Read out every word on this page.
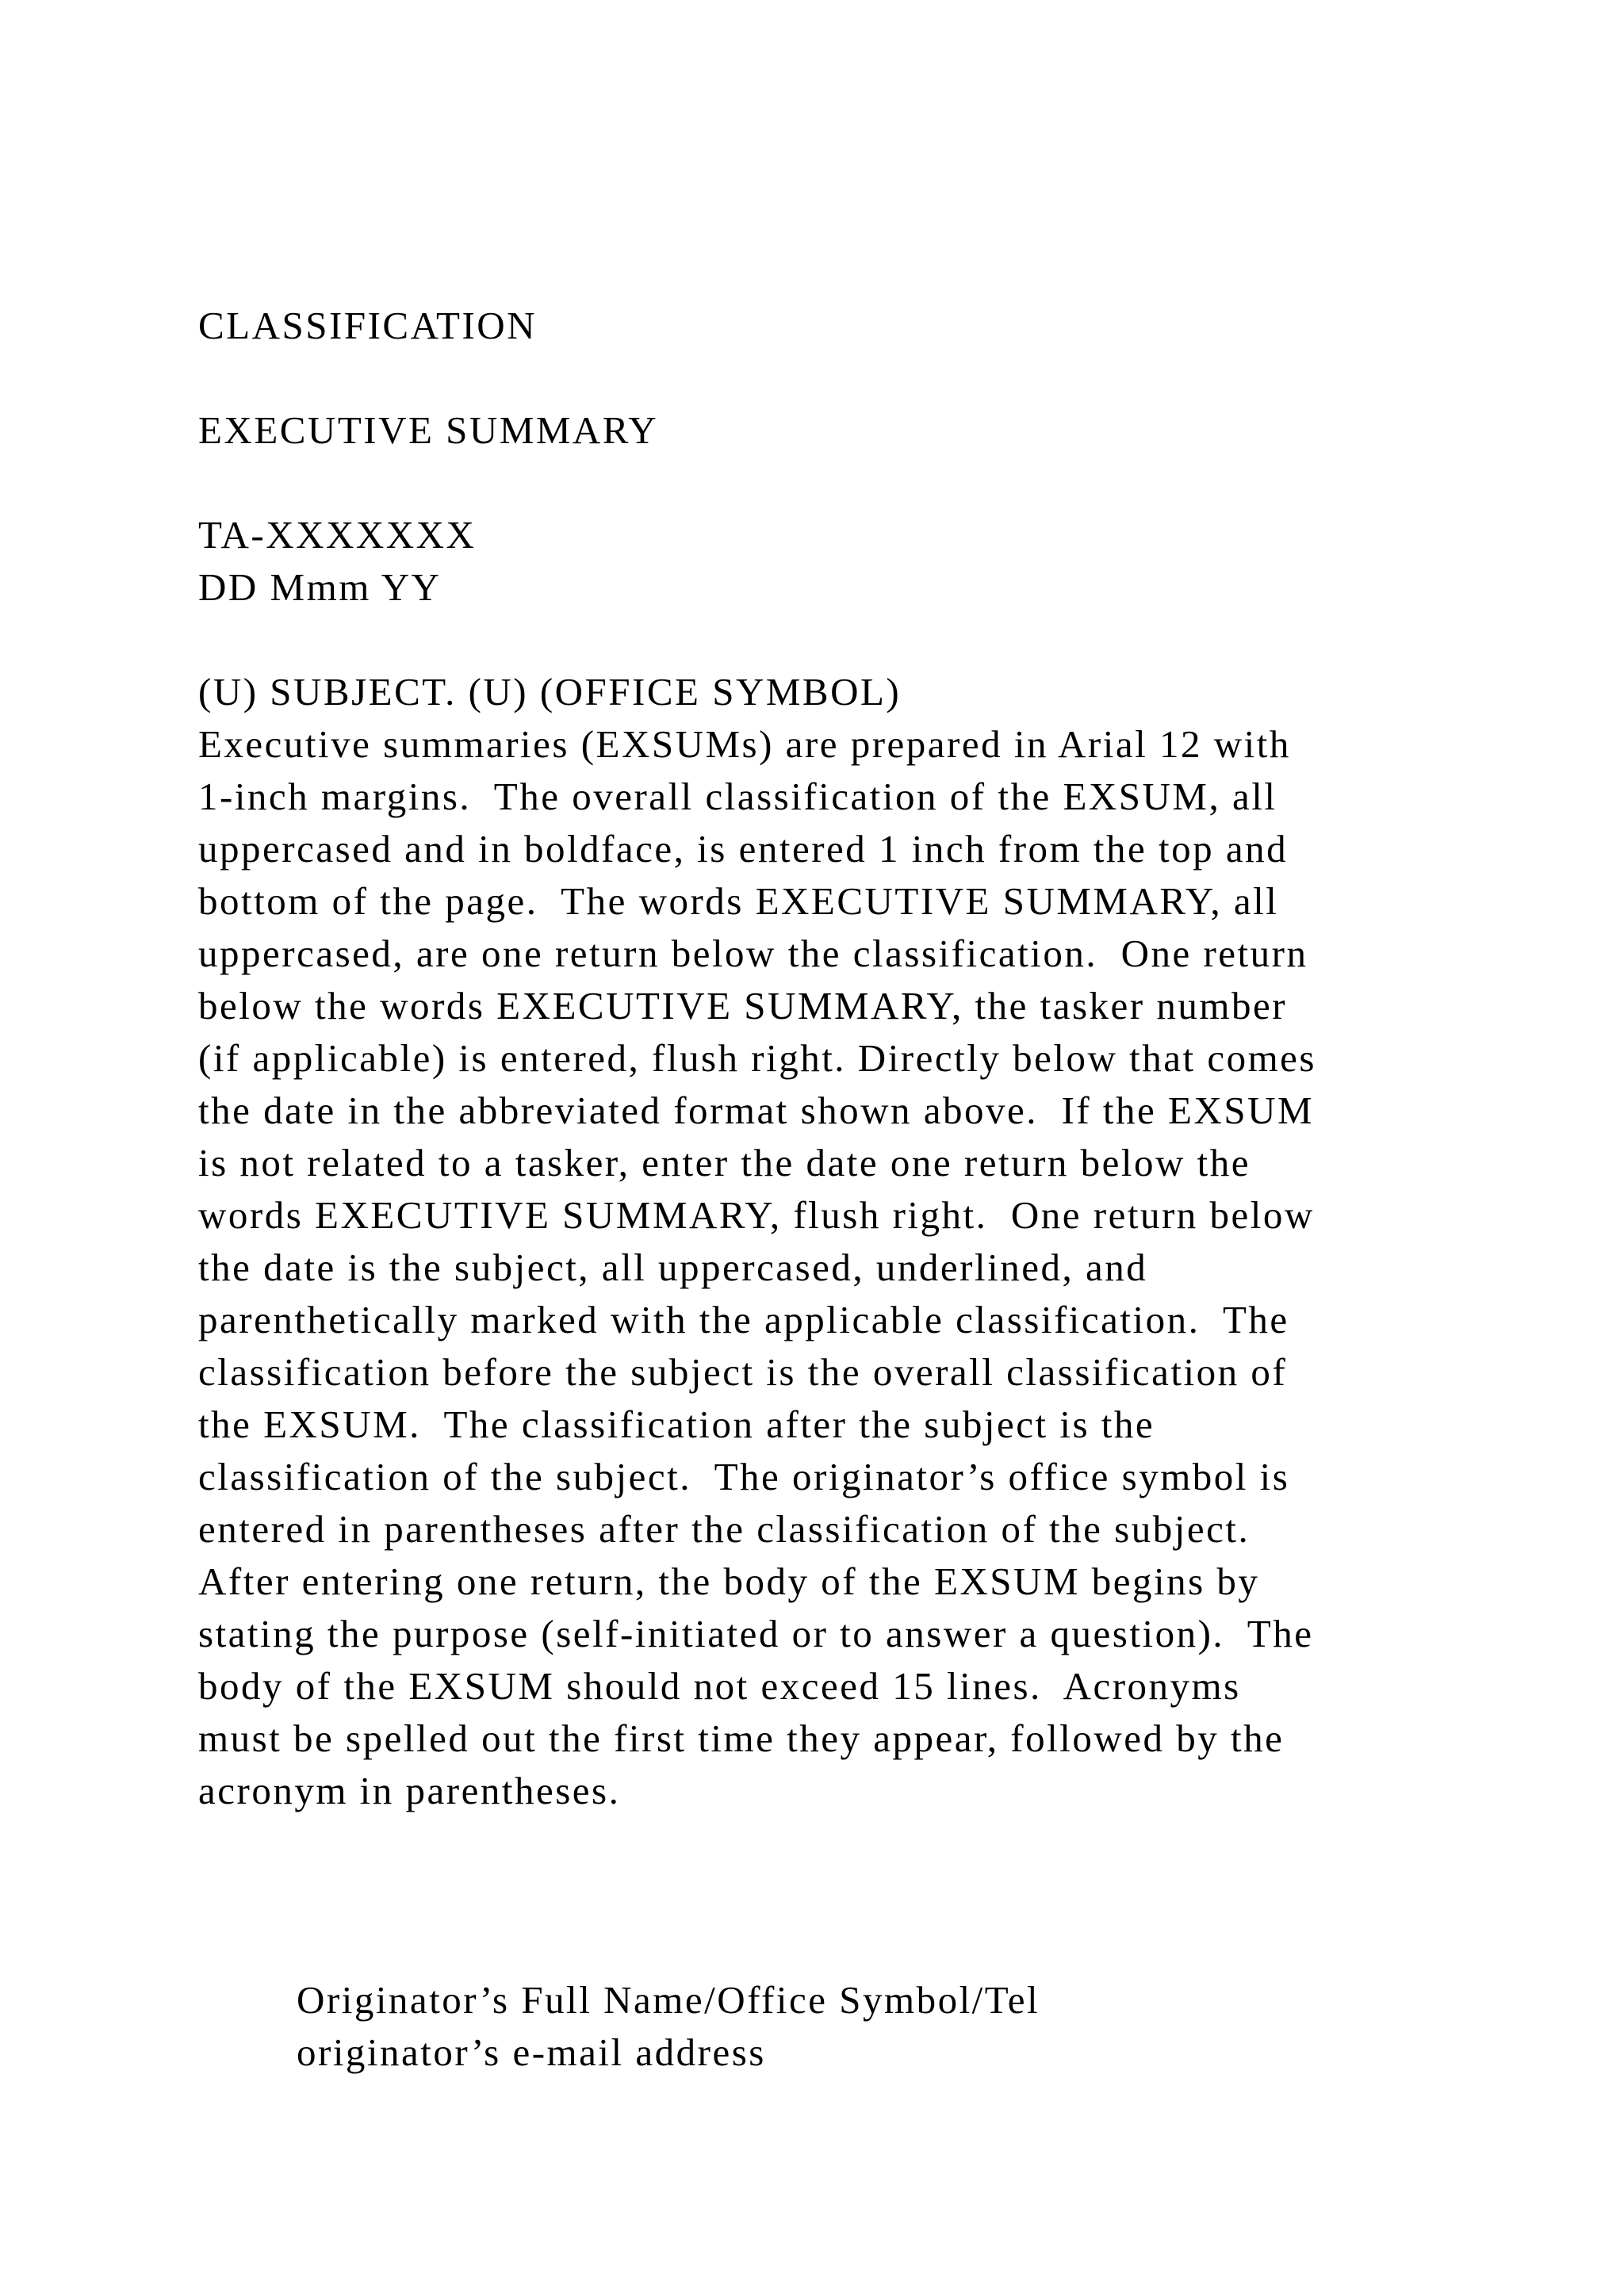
CLASSIFICATION
EXECUTIVE SUMMARY
TA-XXXXXXX
DD Mmm YY
(U) SUBJECT. (U) (OFFICE SYMBOL)
Executive summaries (EXSUMs) are prepared in Arial 12 with
1-inch margins.  The overall classification of the EXSUM, all
uppercased and in boldface, is entered 1 inch from the top and
bottom of the page.  The words EXECUTIVE SUMMARY, all
uppercased, are one return below the classification.  One return
below the words EXECUTIVE SUMMARY, the tasker number
(if applicable) is entered, flush right. Directly below that comes
the date in the abbreviated format shown above.  If the EXSUM
is not related to a tasker, enter the date one return below the
words EXECUTIVE SUMMARY, flush right.  One return below
the date is the subject, all uppercased, underlined, and
parenthetically marked with the applicable classification.  The
classification before the subject is the overall classification of
the EXSUM.  The classification after the subject is the
classification of the subject.  The originator’s office symbol is
entered in parentheses after the classification of the subject.
After entering one return, the body of the EXSUM begins by
stating the purpose (self-initiated or to answer a question).  The
body of the EXSUM should not exceed 15 lines.  Acronyms
must be spelled out the first time they appear, followed by the
acronym in parentheses.
Originator’s Full Name/Office Symbol/Tel
originator’s e-mail address
